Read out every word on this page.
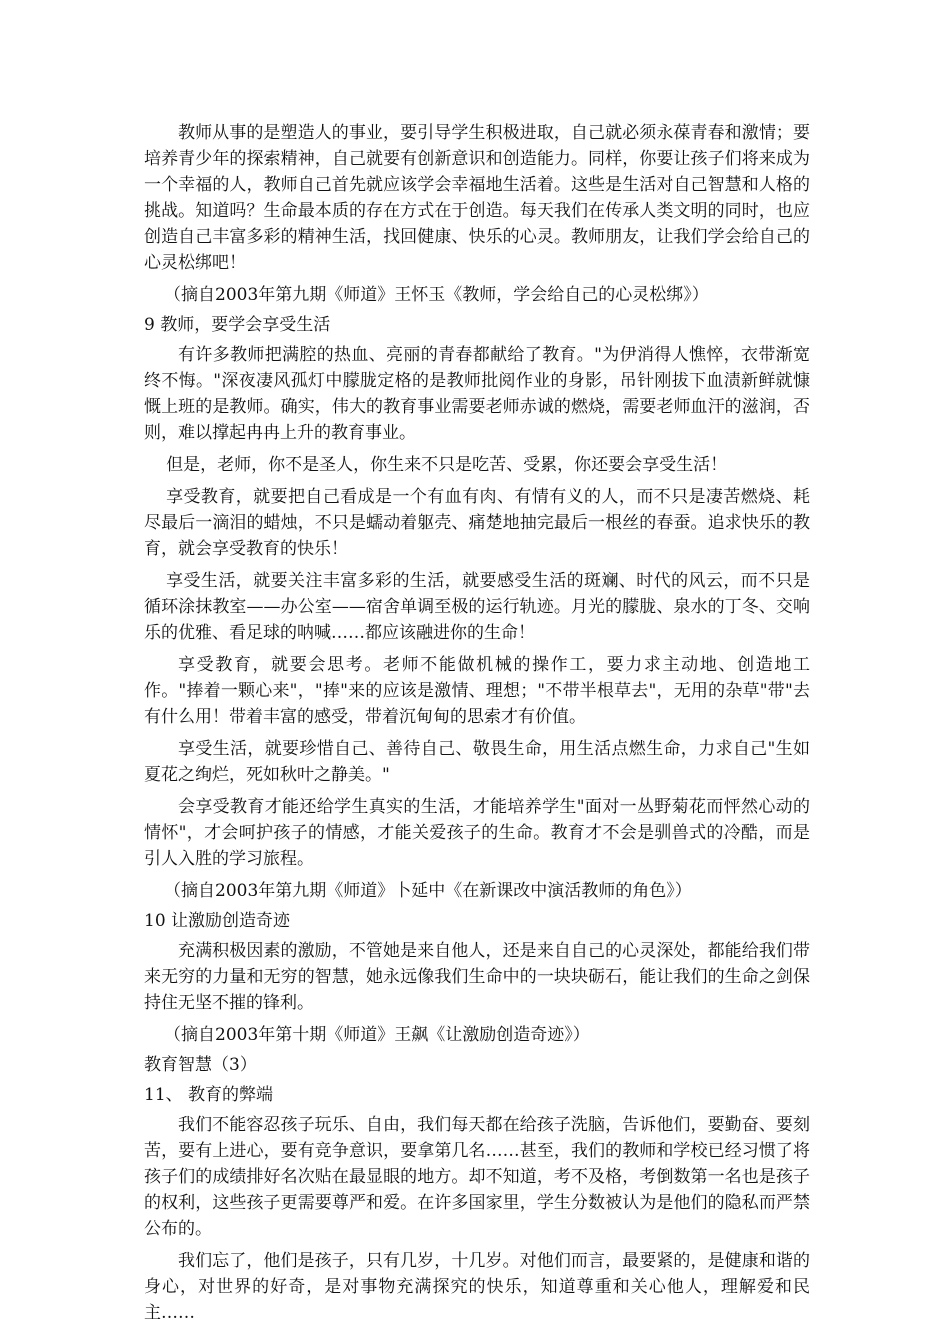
教师从事的是塑造人的事业，要引导学生积极进取，自己就必须永葆青春和激情；要培养青少年的探索精神，自己就要有创新意识和创造能力。同样，你要让孩子们将来成为一个幸福的人，教师自己首先就应该学会幸福地生活着。这些是生活对自己智慧和人格的挑战。知道吗？生命最本质的存在方式在于创造。每天我们在传承人类文明的同时，也应创造自己丰富多彩的精神生活，找回健康、快乐的心灵。教师朋友，让我们学会给自己的心灵松绑吧！

（摘自2003年第九期《师道》王怀玉《教师，学会给自己的心灵松绑》）
9 教师，要学会享受生活

有许多教师把满腔的热血、亮丽的青春都献给了教育。"为伊消得人憔悴，衣带渐宽终不悔。"深夜凄风孤灯中朦胧定格的是教师批阅作业的身影，吊针刚拔下血渍新鲜就慷慨上班的是教师。确实，伟大的教育事业需要老师赤诚的燃烧，需要老师血汗的滋润，否则，难以撑起冉冉上升的教育事业。

但是，老师，你不是圣人，你生来不只是吃苦、受累，你还要会享受生活！

享受教育，就要把自己看成是一个有血有肉、有情有义的人，而不只是凄苦燃烧、耗尽最后一滴泪的蜡烛，不只是蠕动着躯壳、痛楚地抽完最后一根丝的春蚕。追求快乐的教育，就会享受教育的快乐！

享受生活，就要关注丰富多彩的生活，就要感受生活的斑斓、时代的风云，而不只是循环涂抹教室——办公室——宿舍单调至极的运行轨迹。月光的朦胧、泉水的丁冬、交响乐的优雅、看足球的呐喊……都应该融进你的生命！

享受教育，就要会思考。老师不能做机械的操作工，要力求主动地、创造地工作。"捧着一颗心来"，"捧"来的应该是激情、理想；"不带半根草去"，无用的杂草"带"去有什么用！带着丰富的感受，带着沉甸甸的思索才有价值。

享受生活，就要珍惜自己、善待自己、敬畏生命，用生活点燃生命，力求自己"生如夏花之绚烂，死如秋叶之静美。"

会享受教育才能还给学生真实的生活，才能培养学生"面对一丛野菊花而怦然心动的情怀"，才会呵护孩子的情感，才能关爱孩子的生命。教育才不会是驯兽式的冷酷，而是引人入胜的学习旅程。

（摘自2003年第九期《师道》卜延中《在新课改中演活教师的角色》）
10 让激励创造奇迹

充满积极因素的激励，不管她是来自他人，还是来自自己的心灵深处，都能给我们带来无穷的力量和无穷的智慧，她永远像我们生命中的一块块砺石，能让我们的生命之剑保持住无坚不摧的锋利。

（摘自2003年第十期《师道》王飙《让激励创造奇迹》）
教育智慧（3）
11、 教育的弊端

我们不能容忍孩子玩乐、自由，我们每天都在给孩子洗脑，告诉他们，要勤奋、要刻苦，要有上进心，要有竞争意识，要拿第几名……甚至，我们的教师和学校已经习惯了将孩子们的成绩排好名次贴在最显眼的地方。却不知道，考不及格，考倒数第一名也是孩子的权利，这些孩子更需要尊严和爱。在许多国家里，学生分数被认为是他们的隐私而严禁公布的。

我们忘了，他们是孩子，只有几岁，十几岁。对他们而言，最要紧的，是健康和谐的身心，对世界的好奇，是对事物充满探究的快乐，知道尊重和关心他人，理解爱和民主……
